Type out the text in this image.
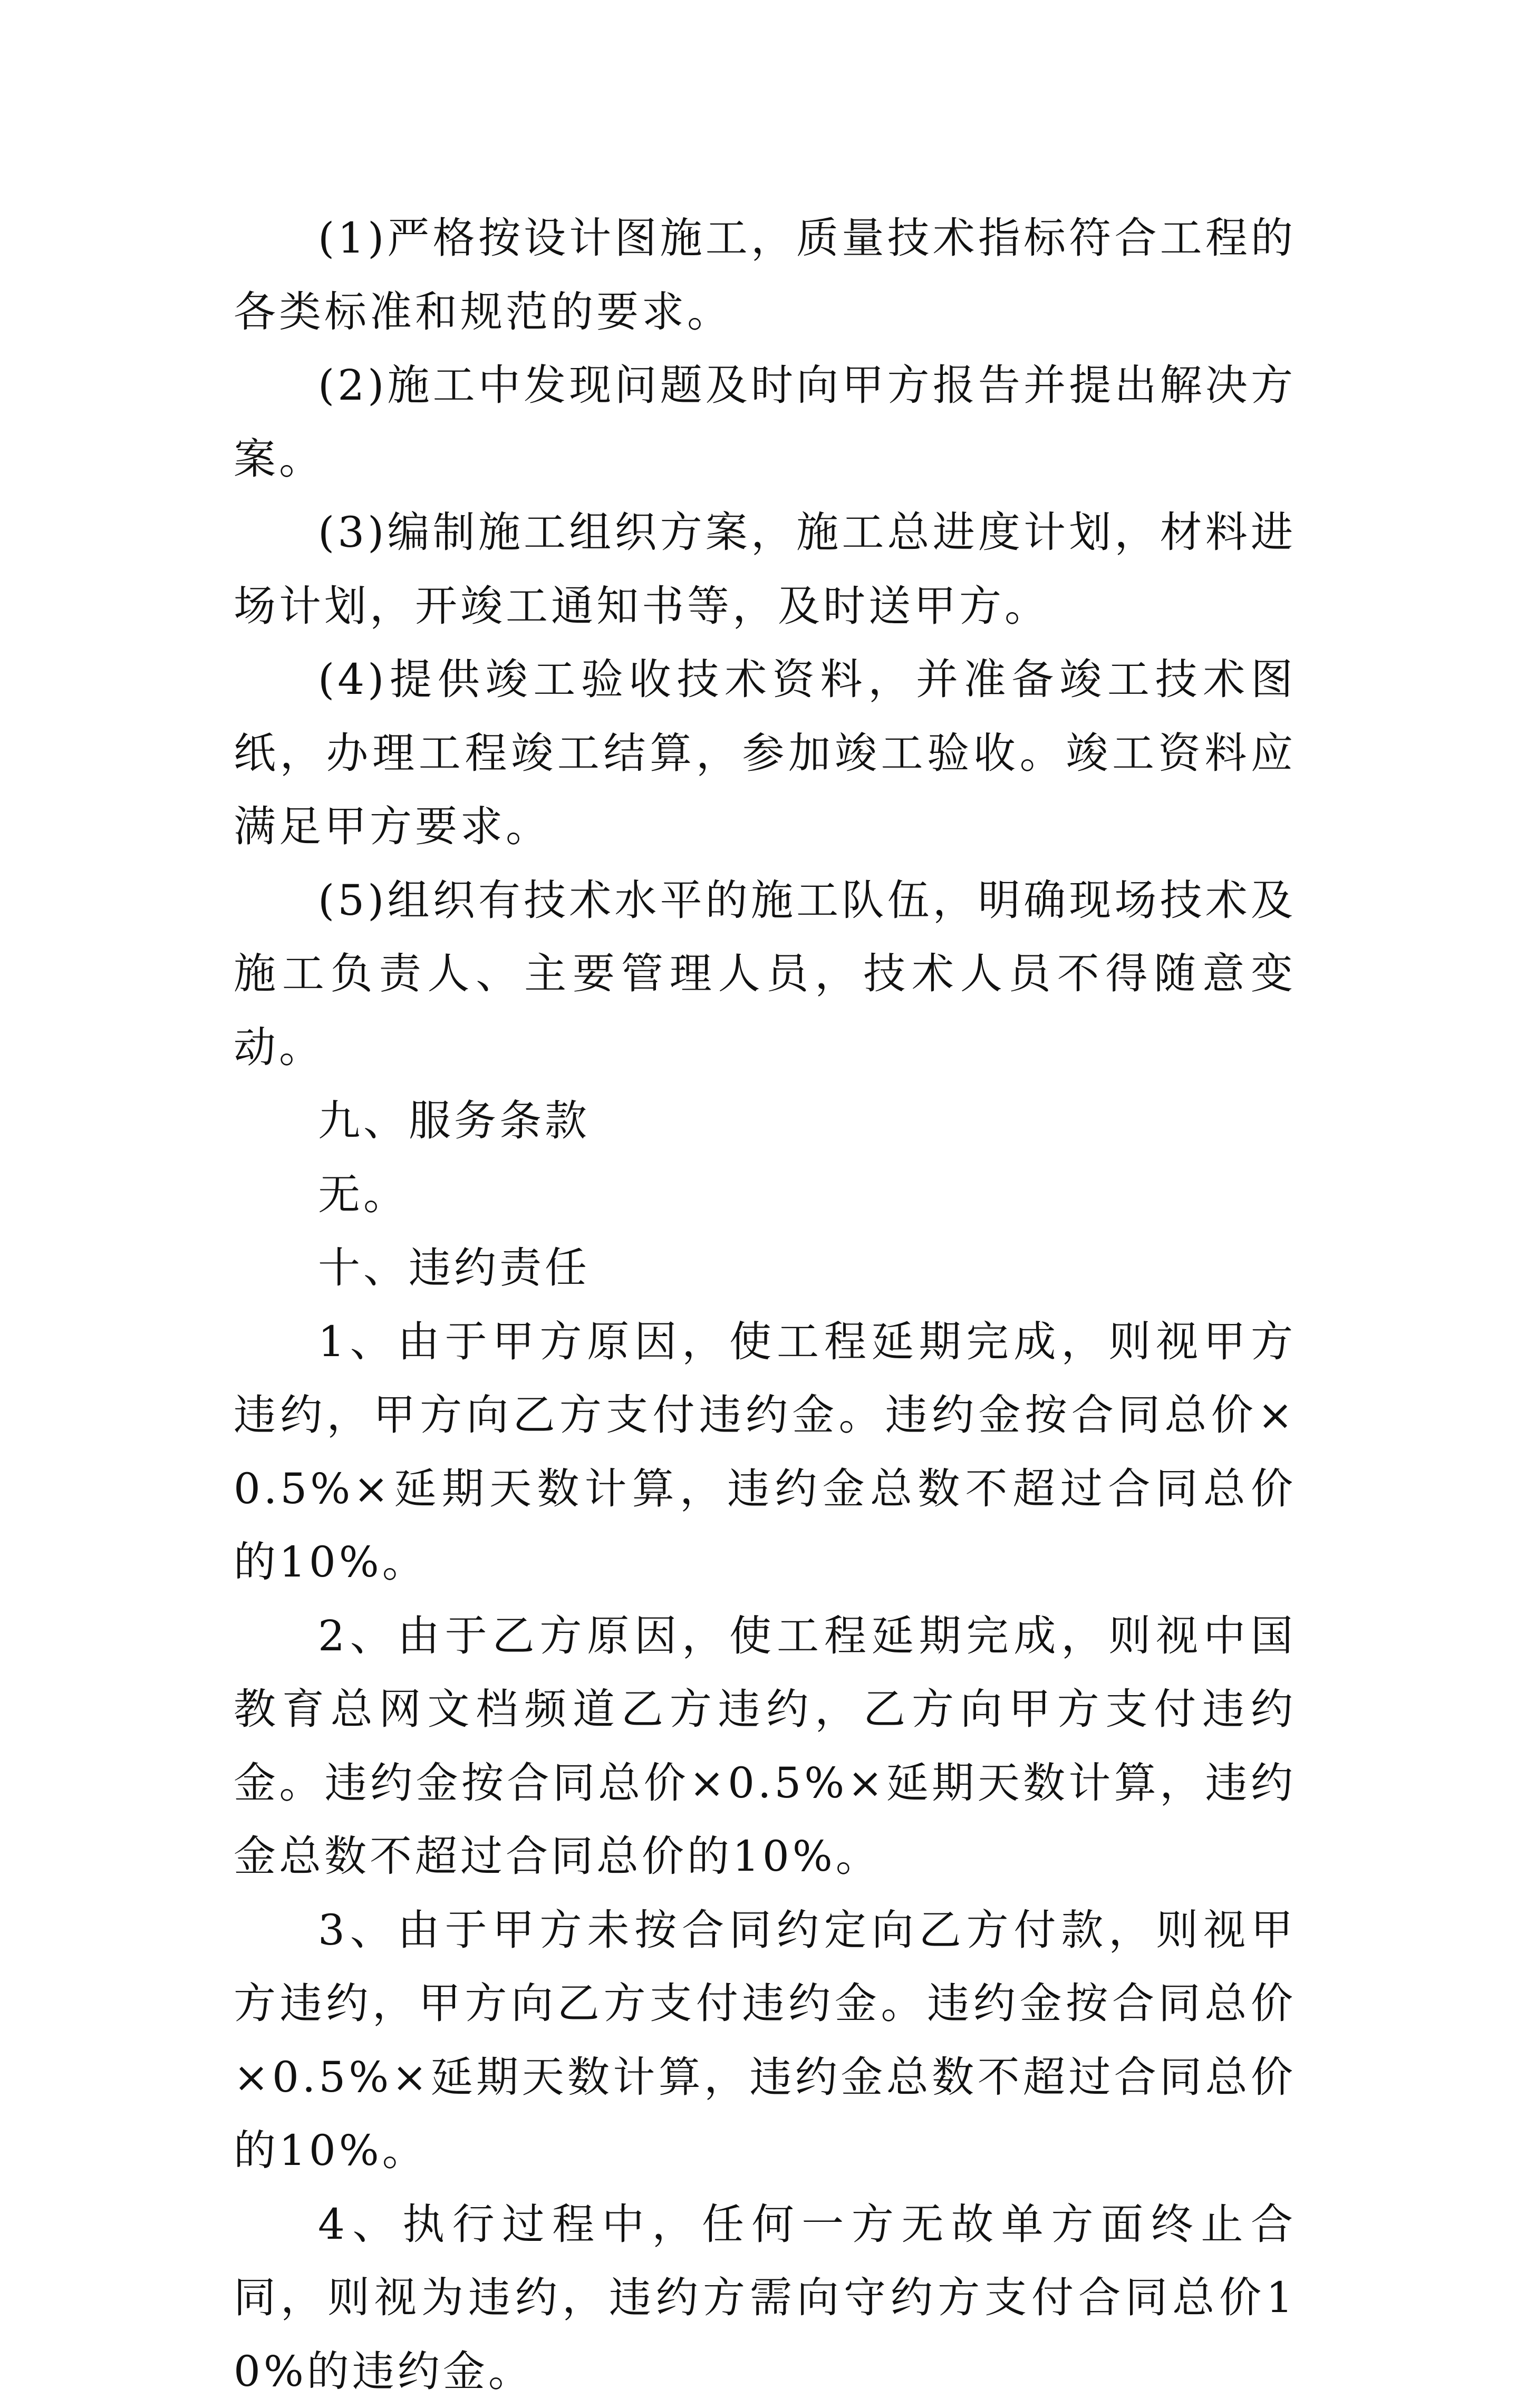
(1)严格按设计图施工，质量技术指标符合工程的各类标准和规范的要求。

(2)施工中发现问题及时向甲方报告并提出解决方案。

(3)编制施工组织方案，施工总进度计划，材料进场计划，开竣工通知书等，及时送甲方。

(4)提供竣工验收技术资料，并准备竣工技术图纸，办理工程竣工结算，参加竣工验收。竣工资料应满足甲方要求。

(5)组织有技术水平的施工队伍，明确现场技术及施工负责人、主要管理人员，技术人员不得随意变动。

九、服务条款

无。

十、违约责任

1、由于甲方原因，使工程延期完成，则视甲方违约，甲方向乙方支付违约金。违约金按合同总价×0.5%×延期天数计算，违约金总数不超过合同总价的10%。

2、由于乙方原因，使工程延期完成，则视中国教育总网文档频道乙方违约，乙方向甲方支付违约金。违约金按合同总价×0.5%×延期天数计算，违约金总数不超过合同总价的10%。

3、由于甲方未按合同约定向乙方付款，则视甲方违约，甲方向乙方支付违约金。违约金按合同总价×0.5%×延期天数计算，违约金总数不超过合同总价的10%。

4、执行过程中，任何一方无故单方面终止合同，则视为违约，违约方需向守约方支付合同总价10%的违约金。
